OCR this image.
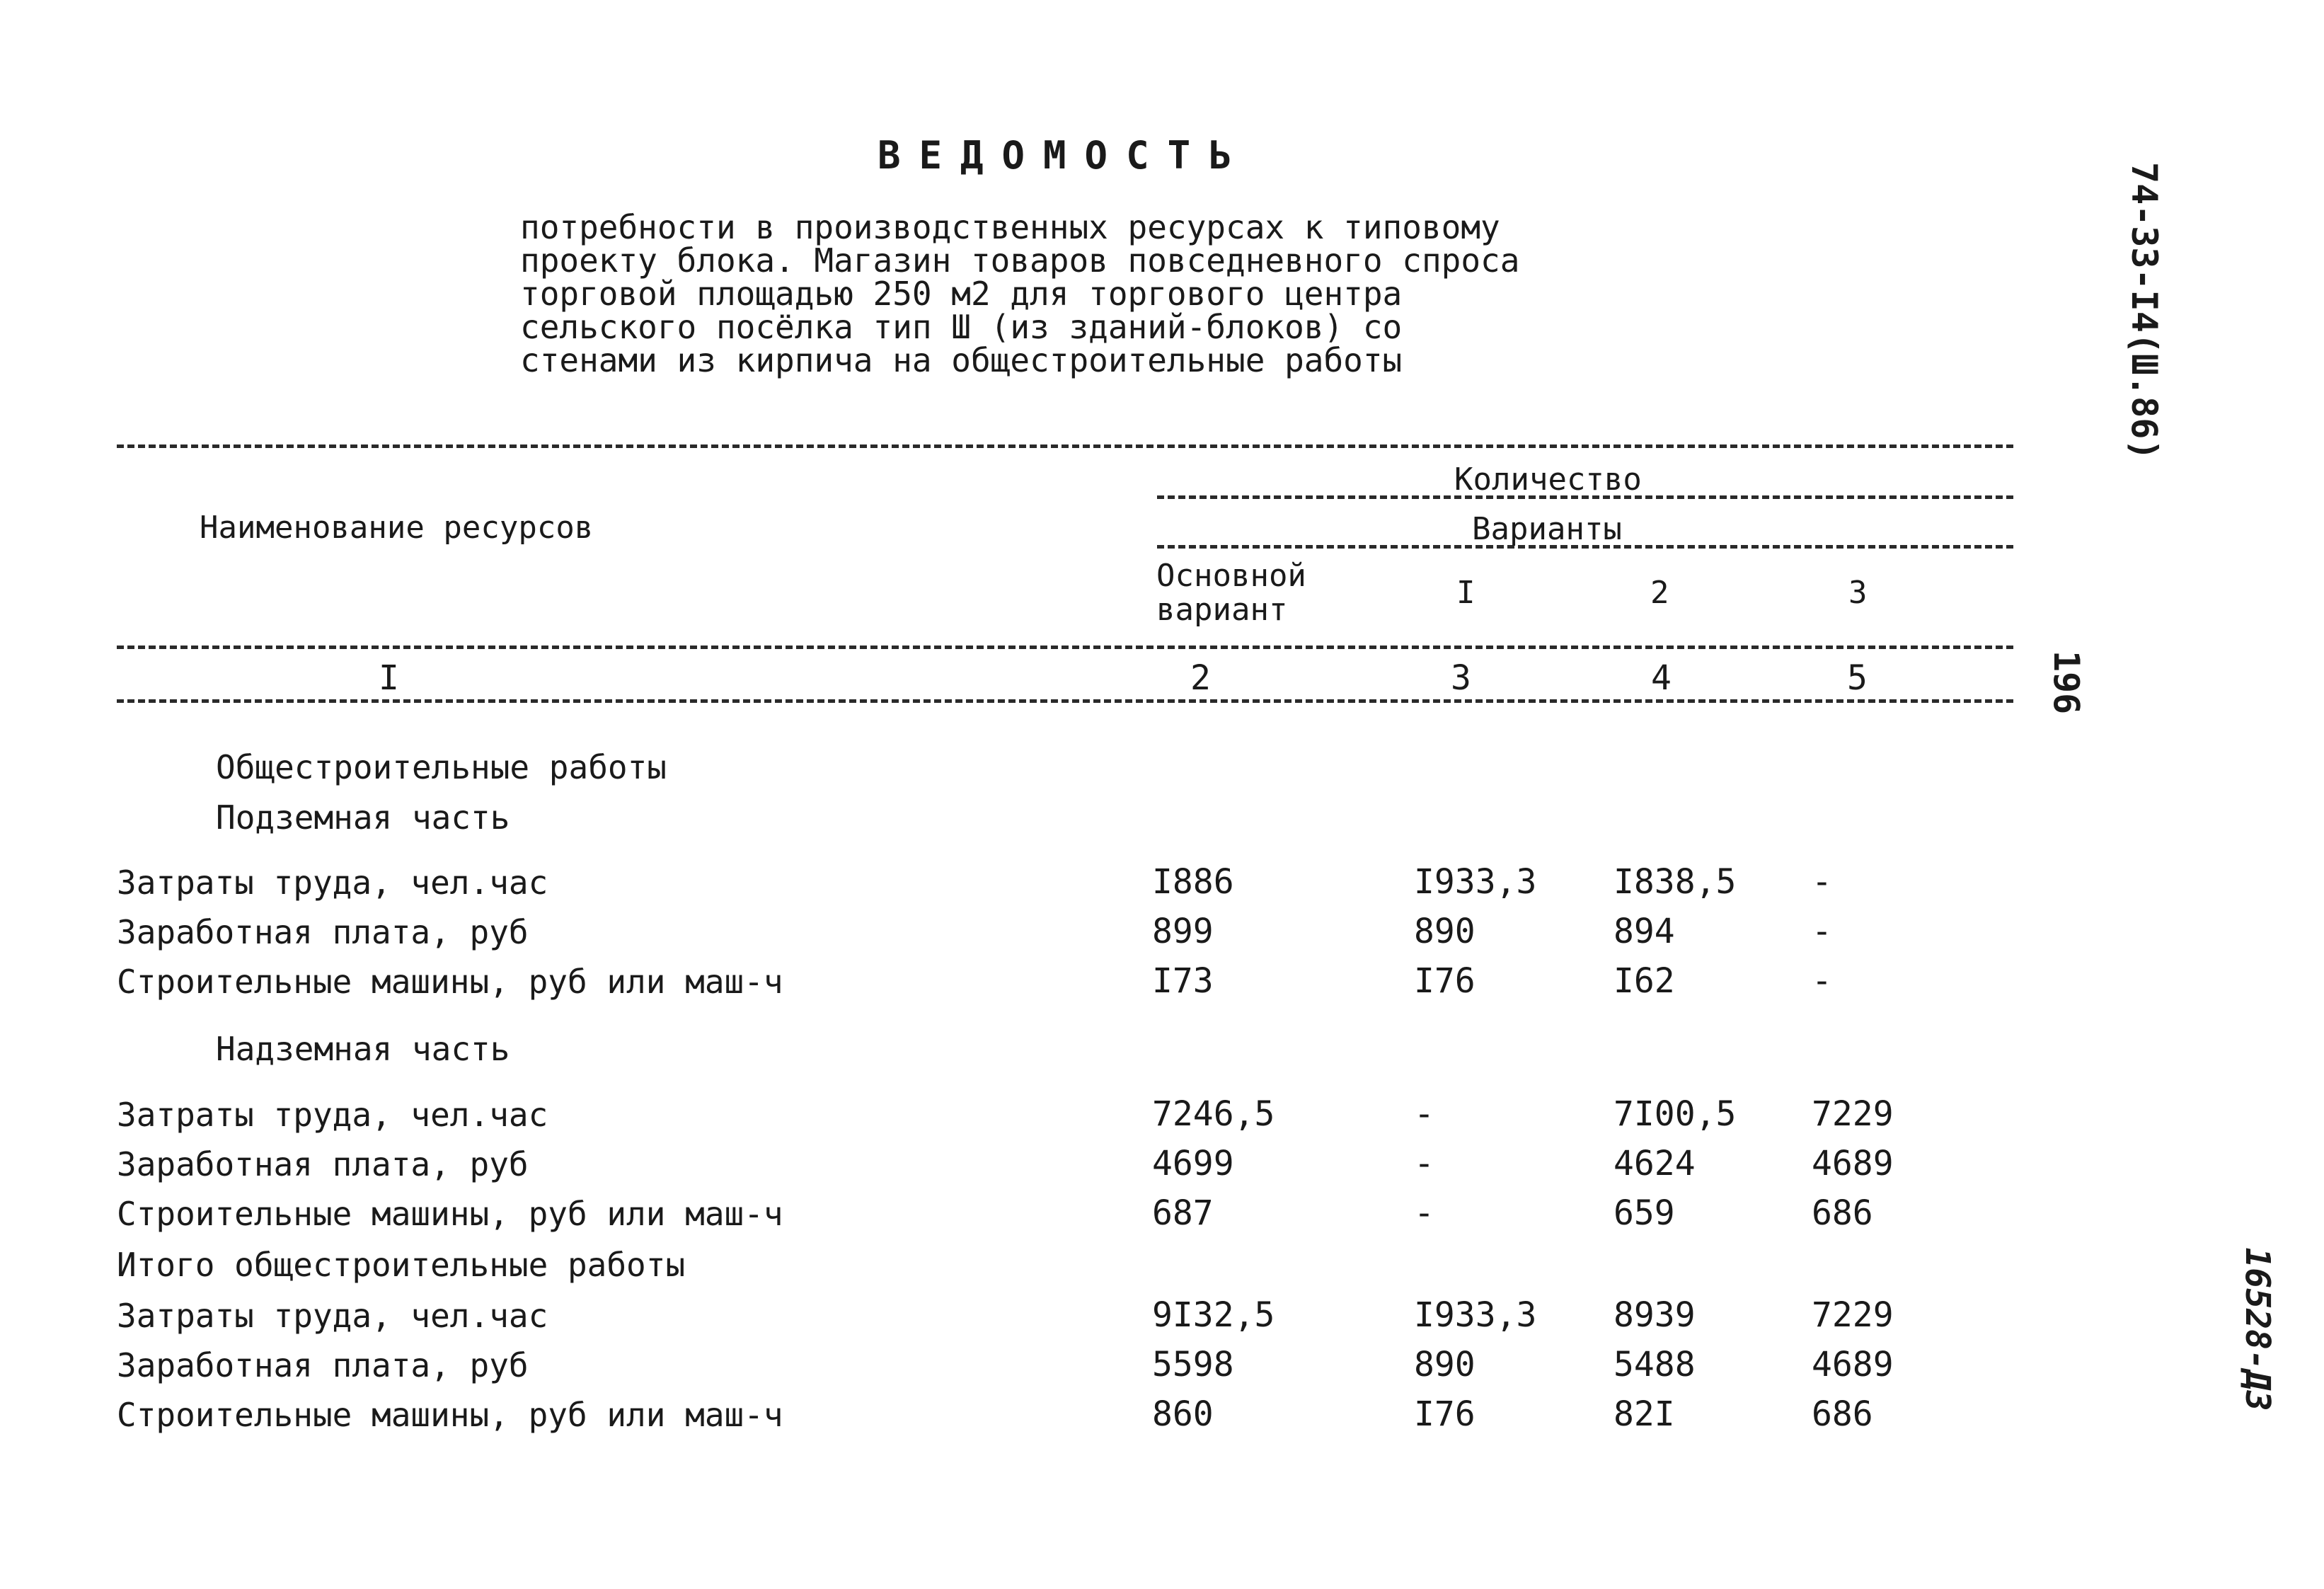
ВЕДОМОСТЬ
потребности в производственных ресурсах к типовому
проекту блока. Магазин товаров повседневного спроса
торговой площадью 250 м2 для торгового центра
сельского посёлка тип Ш (из зданий-блоков) со
стенами из кирпича на общестроительные работы	74-33-I4(Ш.86)
196
16528-Д3
Наименование ресурсов
Количество
Варианты
Основной
вариант	I	2	3
I	2	3	4	5
Общестроительные работы
Подземная часть
Затраты труда, чел.час	I886	I933,3 I838,5 -
Заработная плата, руб	899	890	894	-
Строительные машины, руб или маш-ч	I73	I76	I62	-
Надземная часть
Затраты труда, чел.час	7246,5	-	7I00,5 7229
Заработная плата, руб	4699	-	4624	4689
Строительные машины, руб или маш-ч	687	-	659	686
Итого общестроительные работы
Затраты труда, чел.час	9I32,5	I933,3 8939	7229
Заработная плата, руб	5598	890	5488	4689
Строительные машины, руб или маш-ч	860	I76	82I	686
